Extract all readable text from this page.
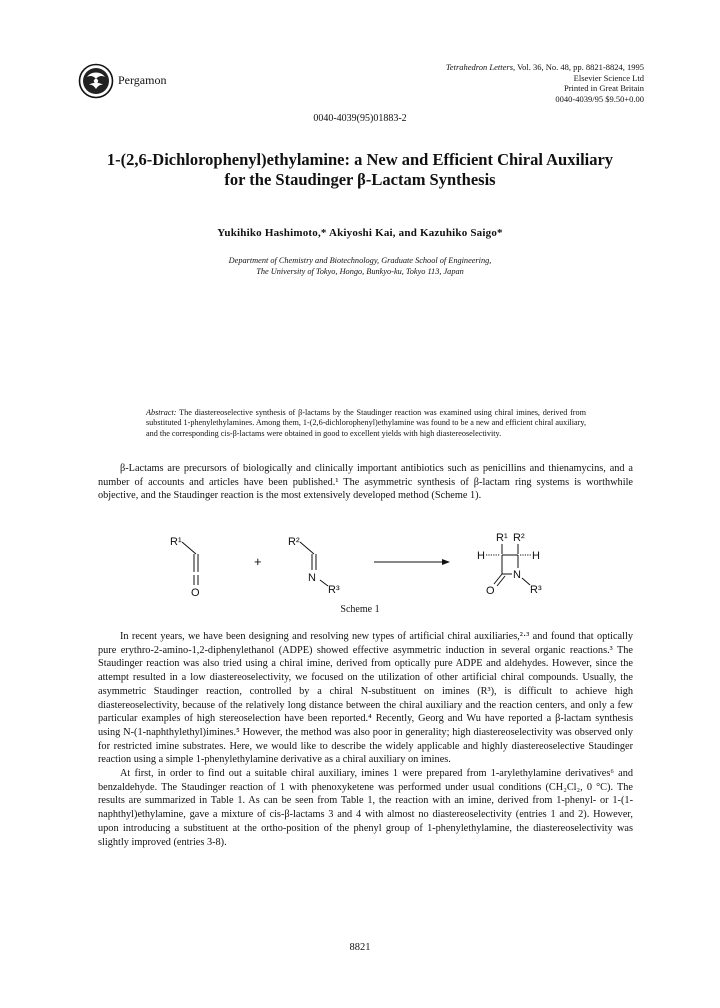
Pergamon
Tetrahedron Letters, Vol. 36, No. 48, pp. 8821-8824, 1995
Elsevier Science Ltd
Printed in Great Britain
0040-4039/95 $9.50+0.00
0040-4039(95)01883-2
1-(2,6-Dichlorophenyl)ethylamine: a New and Efficient Chiral Auxiliary
for the Staudinger β-Lactam Synthesis
Yukihiko Hashimoto,* Akiyoshi Kai, and Kazuhiko Saigo*
Department of Chemistry and Biotechnology, Graduate School of Engineering,
The University of Tokyo, Hongo, Bunkyo-ku, Tokyo 113, Japan
Abstract: The diastereoselective synthesis of β-lactams by the Staudinger reaction was examined using chiral imines, derived from substituted 1-phenylethylamines. Among them, 1-(2,6-dichlorophenyl)ethylamine was found to be a new and efficient chiral auxiliary, and the corresponding cis-β-lactams were obtained in good to excellent yields with high diastereoselectivity.

β-Lactams are precursors of biologically and clinically important antibiotics such as penicillins and thienamycins, and a number of accounts and articles have been published.¹ The asymmetric synthesis of β-lactam ring systems is worthwhile objective, and the Staudinger reaction is the most extensively developed method (Scheme 1).

R¹
O
+
R²
N
R³
R¹ R²
H	H
N
O	R³
Scheme 1

In recent years, we have been designing and resolving new types of artificial chiral auxiliaries,²·³ and found that optically pure erythro-2-amino-1,2-diphenylethanol (ADPE) showed effective asymmetric induction in several organic reactions.³ The Staudinger reaction was also tried using a chiral imine, derived from optically pure ADPE and aldehydes. However, since the attempt resulted in a low diastereoselectivity, we focused on the utilization of other artificial chiral compounds. Usually, the asymmetric Staudinger reaction, controlled by a chiral N-substituent on imines (R³), is difficult to achieve high diastereoselectivity, because of the relatively long distance between the chiral auxiliary and the reaction centers, and only a few particular examples of high stereoselection have been reported.⁴ Recently, Georg and Wu have reported a β-lactam synthesis using N-(1-naphthylethyl)imines.⁵ However, the method was also poor in generality; high diastereoselectivity was observed only for restricted imine substrates. Here, we would like to describe the widely applicable and highly diastereoselective Staudinger reaction using a simple 1-phenylethylamine derivative as a chiral auxiliary on imines.

At first, in order to find out a suitable chiral auxiliary, imines 1 were prepared from 1-arylethylamine derivatives⁶ and benzaldehyde. The Staudinger reaction of 1 with phenoxyketene was performed under usual conditions (CH₂Cl₂, 0 °C). The results are summarized in Table 1. As can be seen from Table 1, the reaction with an imine, derived from 1-phenyl- or 1-(1-naphthyl)ethylamine, gave a mixture of cis-β-lactams 3 and 4 with almost no diastereoselectivity (entries 1 and 2). However, upon introducing a substituent at the ortho-position of the phenyl group of 1-phenylethylamine, the diastereoselectivity was slightly improved (entries 3-8).

8821
